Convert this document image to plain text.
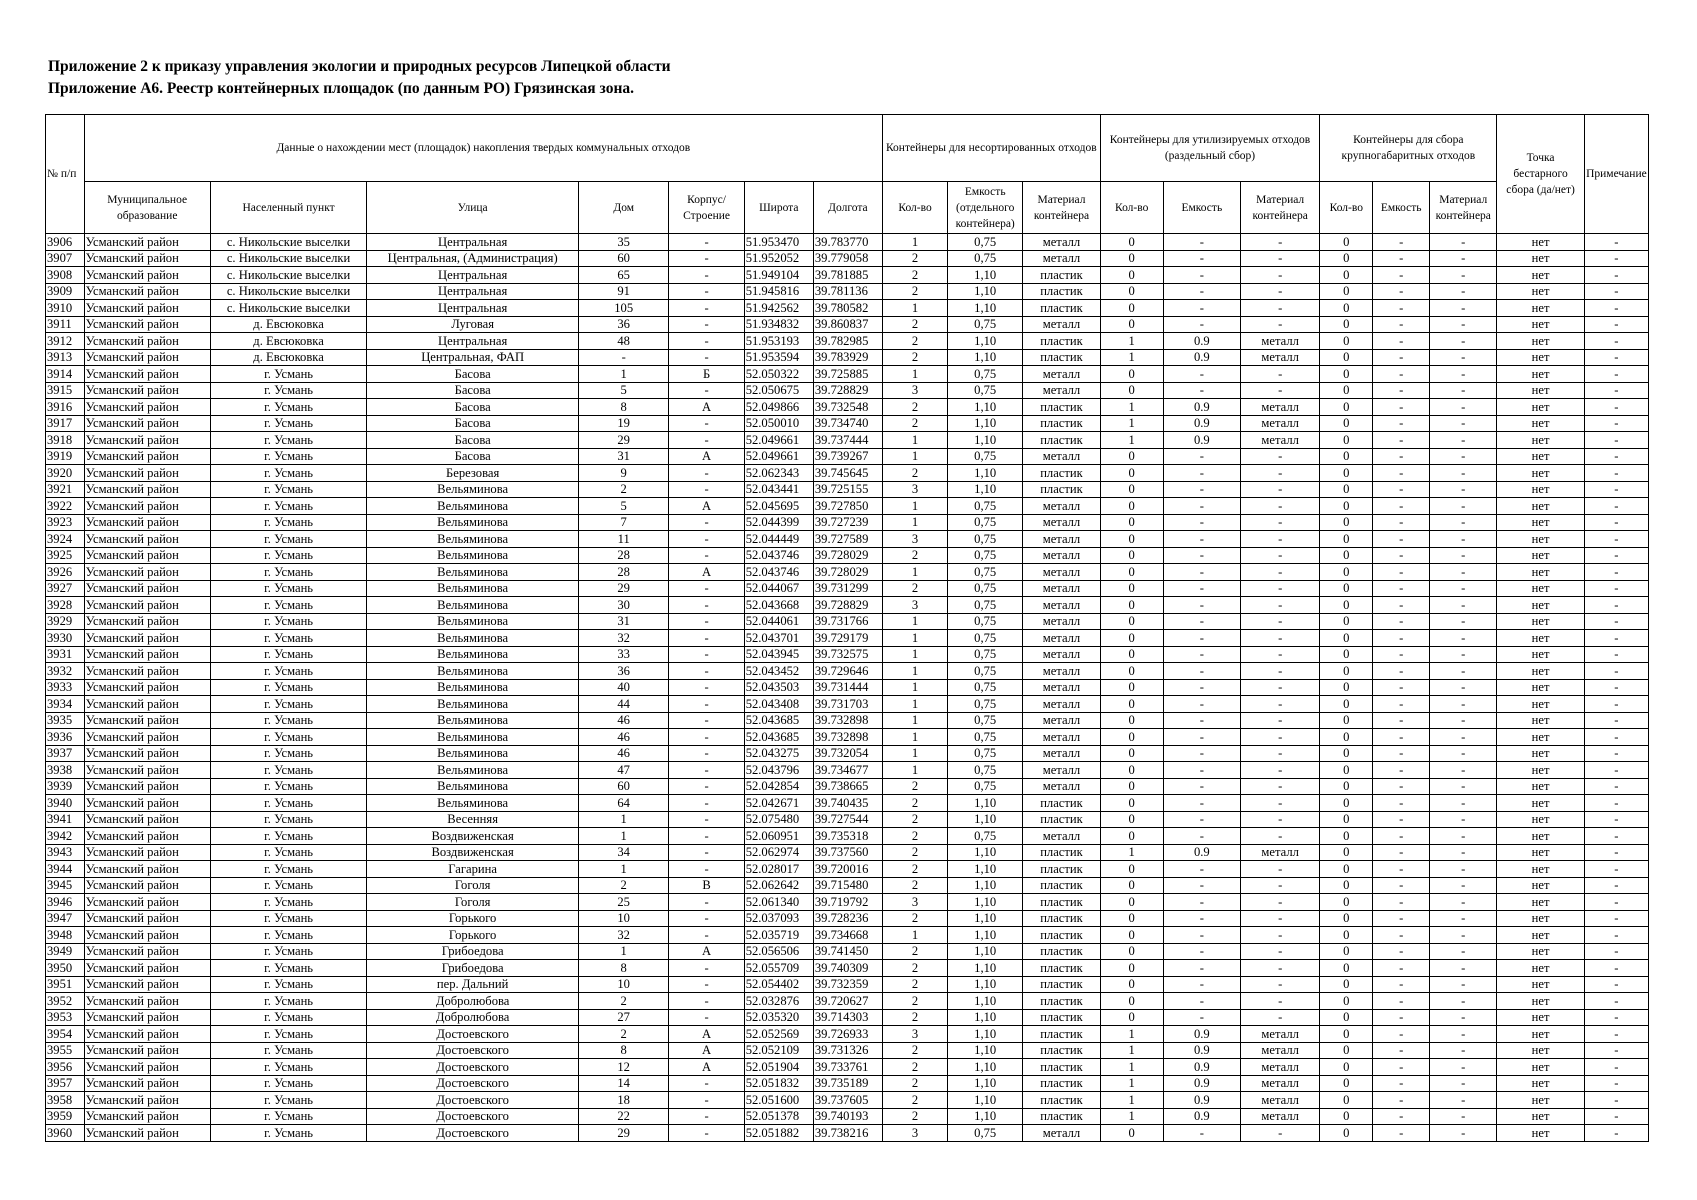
Приложение 2 к приказу управления экологии и природных ресурсов Липецкой области
Приложение А6. Реестр контейнерных площадок (по данным РО) Грязинская зона.
№ п/п	Данные о нахождении мест (площадок) накопления твердых коммунальных отходов							Контейнеры для несортированных отходов			Контейнеры для утилизируемых отходов (раздельный сбор)			Контейнеры для сбора крупногабаритных отходов			Точка бестарного сбора (да/нет)	Примечание
	Муниципальное образование	Населенный пункт	Улица	Дом	Корпус/ Строение	Широта	Долгота	Кол-во	Емкость (отдельного контейнера)	Материал контейнера	Кол-во	Емкость	Материал контейнера	Кол-во	Емкость	Материал контейнера		
3906	Усманский район	с. Никольские выселки	Центральная	35	-	51.953470	39.783770	1	0,75	металл	0	-	-	0	-	-	нет	-
3907	Усманский район	с. Никольские выселки	Центральная, (Администрация)	60	-	51.952052	39.779058	2	0,75	металл	0	-	-	0	-	-	нет	-
3908	Усманский район	с. Никольские выселки	Центральная	65	-	51.949104	39.781885	2	1,10	пластик	0	-	-	0	-	-	нет	-
3909	Усманский район	с. Никольские выселки	Центральная	91	-	51.945816	39.781136	2	1,10	пластик	0	-	-	0	-	-	нет	-
3910	Усманский район	с. Никольские выселки	Центральная	105	-	51.942562	39.780582	1	1,10	пластик	0	-	-	0	-	-	нет	-
3911	Усманский район	д. Евсюковка	Луговая	36	-	51.934832	39.860837	2	0,75	металл	0	-	-	0	-	-	нет	-
3912	Усманский район	д. Евсюковка	Центральная	48	-	51.953193	39.782985	2	1,10	пластик	1	0.9	металл	0	-	-	нет	-
3913	Усманский район	д. Евсюковка	Центральная, ФАП	-	-	51.953594	39.783929	2	1,10	пластик	1	0.9	металл	0	-	-	нет	-
3914	Усманский район	г. Усмань	Басова	1	Б	52.050322	39.725885	1	0,75	металл	0	-	-	0	-	-	нет	-
3915	Усманский район	г. Усмань	Басова	5	-	52.050675	39.728829	3	0,75	металл	0	-	-	0	-	-	нет	-
3916	Усманский район	г. Усмань	Басова	8	А	52.049866	39.732548	2	1,10	пластик	1	0.9	металл	0	-	-	нет	-
3917	Усманский район	г. Усмань	Басова	19	-	52.050010	39.734740	2	1,10	пластик	1	0.9	металл	0	-	-	нет	-
3918	Усманский район	г. Усмань	Басова	29	-	52.049661	39.737444	1	1,10	пластик	1	0.9	металл	0	-	-	нет	-
3919	Усманский район	г. Усмань	Басова	31	А	52.049661	39.739267	1	0,75	металл	0	-	-	0	-	-	нет	-
3920	Усманский район	г. Усмань	Березовая	9	-	52.062343	39.745645	2	1,10	пластик	0	-	-	0	-	-	нет	-
3921	Усманский район	г. Усмань	Вельяминова	2	-	52.043441	39.725155	3	1,10	пластик	0	-	-	0	-	-	нет	-
3922	Усманский район	г. Усмань	Вельяминова	5	А	52.045695	39.727850	1	0,75	металл	0	-	-	0	-	-	нет	-
3923	Усманский район	г. Усмань	Вельяминова	7	-	52.044399	39.727239	1	0,75	металл	0	-	-	0	-	-	нет	-
3924	Усманский район	г. Усмань	Вельяминова	11	-	52.044449	39.727589	3	0,75	металл	0	-	-	0	-	-	нет	-
3925	Усманский район	г. Усмань	Вельяминова	28	-	52.043746	39.728029	2	0,75	металл	0	-	-	0	-	-	нет	-
3926	Усманский район	г. Усмань	Вельяминова	28	А	52.043746	39.728029	1	0,75	металл	0	-	-	0	-	-	нет	-
3927	Усманский район	г. Усмань	Вельяминова	29	-	52.044067	39.731299	2	0,75	металл	0	-	-	0	-	-	нет	-
3928	Усманский район	г. Усмань	Вельяминова	30	-	52.043668	39.728829	3	0,75	металл	0	-	-	0	-	-	нет	-
3929	Усманский район	г. Усмань	Вельяминова	31	-	52.044061	39.731766	1	0,75	металл	0	-	-	0	-	-	нет	-
3930	Усманский район	г. Усмань	Вельяминова	32	-	52.043701	39.729179	1	0,75	металл	0	-	-	0	-	-	нет	-
3931	Усманский район	г. Усмань	Вельяминова	33	-	52.043945	39.732575	1	0,75	металл	0	-	-	0	-	-	нет	-
3932	Усманский район	г. Усмань	Вельяминова	36	-	52.043452	39.729646	1	0,75	металл	0	-	-	0	-	-	нет	-
3933	Усманский район	г. Усмань	Вельяминова	40	-	52.043503	39.731444	1	0,75	металл	0	-	-	0	-	-	нет	-
3934	Усманский район	г. Усмань	Вельяминова	44	-	52.043408	39.731703	1	0,75	металл	0	-	-	0	-	-	нет	-
3935	Усманский район	г. Усмань	Вельяминова	46	-	52.043685	39.732898	1	0,75	металл	0	-	-	0	-	-	нет	-
3936	Усманский район	г. Усмань	Вельяминова	46	-	52.043685	39.732898	1	0,75	металл	0	-	-	0	-	-	нет	-
3937	Усманский район	г. Усмань	Вельяминова	46	-	52.043275	39.732054	1	0,75	металл	0	-	-	0	-	-	нет	-
3938	Усманский район	г. Усмань	Вельяминова	47	-	52.043796	39.734677	1	0,75	металл	0	-	-	0	-	-	нет	-
3939	Усманский район	г. Усмань	Вельяминова	60	-	52.042854	39.738665	2	0,75	металл	0	-	-	0	-	-	нет	-
3940	Усманский район	г. Усмань	Вельяминова	64	-	52.042671	39.740435	2	1,10	пластик	0	-	-	0	-	-	нет	-
3941	Усманский район	г. Усмань	Весенняя	1	-	52.075480	39.727544	2	1,10	пластик	0	-	-	0	-	-	нет	-
3942	Усманский район	г. Усмань	Воздвиженская	1	-	52.060951	39.735318	2	0,75	металл	0	-	-	0	-	-	нет	-
3943	Усманский район	г. Усмань	Воздвиженская	34	-	52.062974	39.737560	2	1,10	пластик	1	0.9	металл	0	-	-	нет	-
3944	Усманский район	г. Усмань	Гагарина	1	-	52.028017	39.720016	2	1,10	пластик	0	-	-	0	-	-	нет	-
3945	Усманский район	г. Усмань	Гоголя	2	В	52.062642	39.715480	2	1,10	пластик	0	-	-	0	-	-	нет	-
3946	Усманский район	г. Усмань	Гоголя	25	-	52.061340	39.719792	3	1,10	пластик	0	-	-	0	-	-	нет	-
3947	Усманский район	г. Усмань	Горького	10	-	52.037093	39.728236	2	1,10	пластик	0	-	-	0	-	-	нет	-
3948	Усманский район	г. Усмань	Горького	32	-	52.035719	39.734668	1	1,10	пластик	0	-	-	0	-	-	нет	-
3949	Усманский район	г. Усмань	Грибоедова	1	А	52.056506	39.741450	2	1,10	пластик	0	-	-	0	-	-	нет	-
3950	Усманский район	г. Усмань	Грибоедова	8	-	52.055709	39.740309	2	1,10	пластик	0	-	-	0	-	-	нет	-
3951	Усманский район	г. Усмань	пер. Дальний	10	-	52.054402	39.732359	2	1,10	пластик	0	-	-	0	-	-	нет	-
3952	Усманский район	г. Усмань	Добролюбова	2	-	52.032876	39.720627	2	1,10	пластик	0	-	-	0	-	-	нет	-
3953	Усманский район	г. Усмань	Добролюбова	27	-	52.035320	39.714303	2	1,10	пластик	0	-	-	0	-	-	нет	-
3954	Усманский район	г. Усмань	Достоевского	2	А	52.052569	39.726933	3	1,10	пластик	1	0.9	металл	0	-	-	нет	-
3955	Усманский район	г. Усмань	Достоевского	8	А	52.052109	39.731326	2	1,10	пластик	1	0.9	металл	0	-	-	нет	-
3956	Усманский район	г. Усмань	Достоевского	12	А	52.051904	39.733761	2	1,10	пластик	1	0.9	металл	0	-	-	нет	-
3957	Усманский район	г. Усмань	Достоевского	14	-	52.051832	39.735189	2	1,10	пластик	1	0.9	металл	0	-	-	нет	-
3958	Усманский район	г. Усмань	Достоевского	18	-	52.051600	39.737605	2	1,10	пластик	1	0.9	металл	0	-	-	нет	-
3959	Усманский район	г. Усмань	Достоевского	22	-	52.051378	39.740193	2	1,10	пластик	1	0.9	металл	0	-	-	нет	-
3960	Усманский район	г. Усмань	Достоевского	29	-	52.051882	39.738216	3	0,75	металл	0	-	-	0	-	-	нет	-
